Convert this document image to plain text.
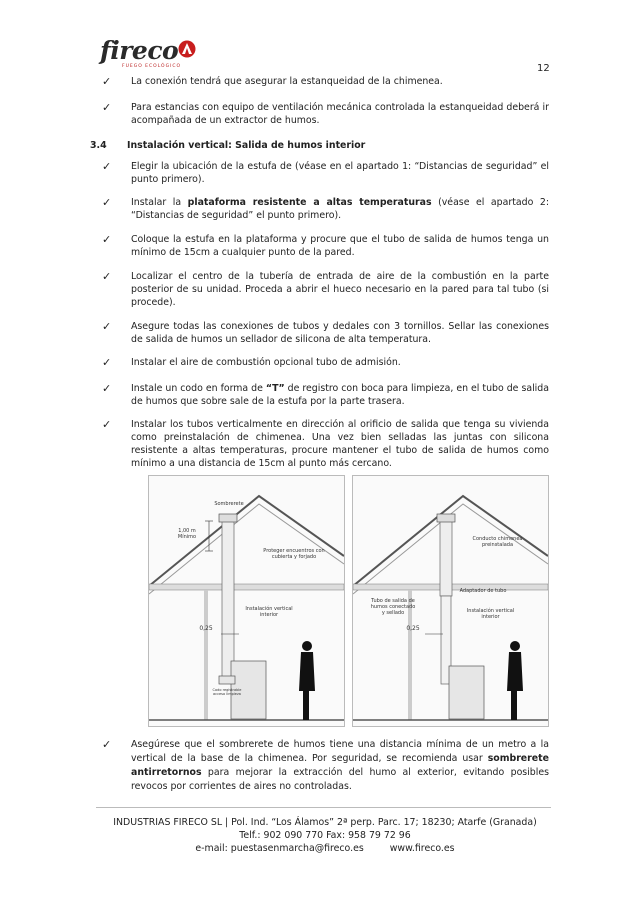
fireco
FUEGO ECOLÓGICO	12
✓ La conexión tendrá que asegurar la estanqueidad de la chimenea.
✓ Para estancias con equipo de ventilación mecánica controlada la estanqueidad deberá ir acompañada de un extractor de humos.
3.4 Instalación vertical: Salida de humos interior
✓ Elegir la ubicación de la estufa de (véase en el apartado 1: “Distancias de seguridad” el punto primero).
✓ Instalar la plataforma resistente a altas temperaturas (véase el apartado 2: “Distancias de seguridad” el punto primero).
✓ Coloque la estufa en la plataforma y procure que el tubo de salida de humos tenga un mínimo de 15cm a cualquier punto de la pared.
✓ Localizar el centro de la tubería de entrada de aire de la combustión en la parte posterior de su unidad. Proceda a abrir el hueco necesario en la pared para tal tubo (si procede).
✓ Asegure todas las conexiones de tubos y dedales con 3 tornillos. Sellar las conexiones de salida de humos un sellador de silicona de alta temperatura.
✓ Instalar el aire de combustión opcional tubo de admisión.
✓ Instale un codo en forma de “T” de registro con boca para limpieza, en el tubo de salida de humos que sobre sale de la estufa por la parte trasera.
✓ Instalar los tubos verticalmente en dirección al orificio de salida que tenga su vivienda como preinstalación de chimenea. Una vez bien selladas las juntas con silicona resistente a altas temperaturas, procure mantener el tubo de salida de humos como mínimo a una distancia de 15cm al punto más cercano.
Sombrerete
1,00 m Mínimo
Proteger encuentros con cubierta y forjado
Instalación vertical interior
0,25
Codo registrable acceso limpieza
Conducto chimenea preinstalada
Adaptador de tubo
Tubo de salida de humos conectado y sellado	Instalación vertical interior
0,25
✓ Asegúrese que el sombrerete de humos tiene una distancia mínima de un metro a la vertical de la base de la chimenea. Por seguridad, se recomienda usar sombrerete antirretornos para mejorar la extracción del humo al exterior, evitando posibles revocos por corrientes de aires no controladas.
INDUSTRIAS FIRECO SL | Pol. Ind. “Los Álamos” 2ª perp. Parc. 17; 18230; Atarfe (Granada)
Telf.: 902 090 770 Fax: 958 79 72 96
e-mail: puestasenmarcha@fireco.es	www.fireco.es
